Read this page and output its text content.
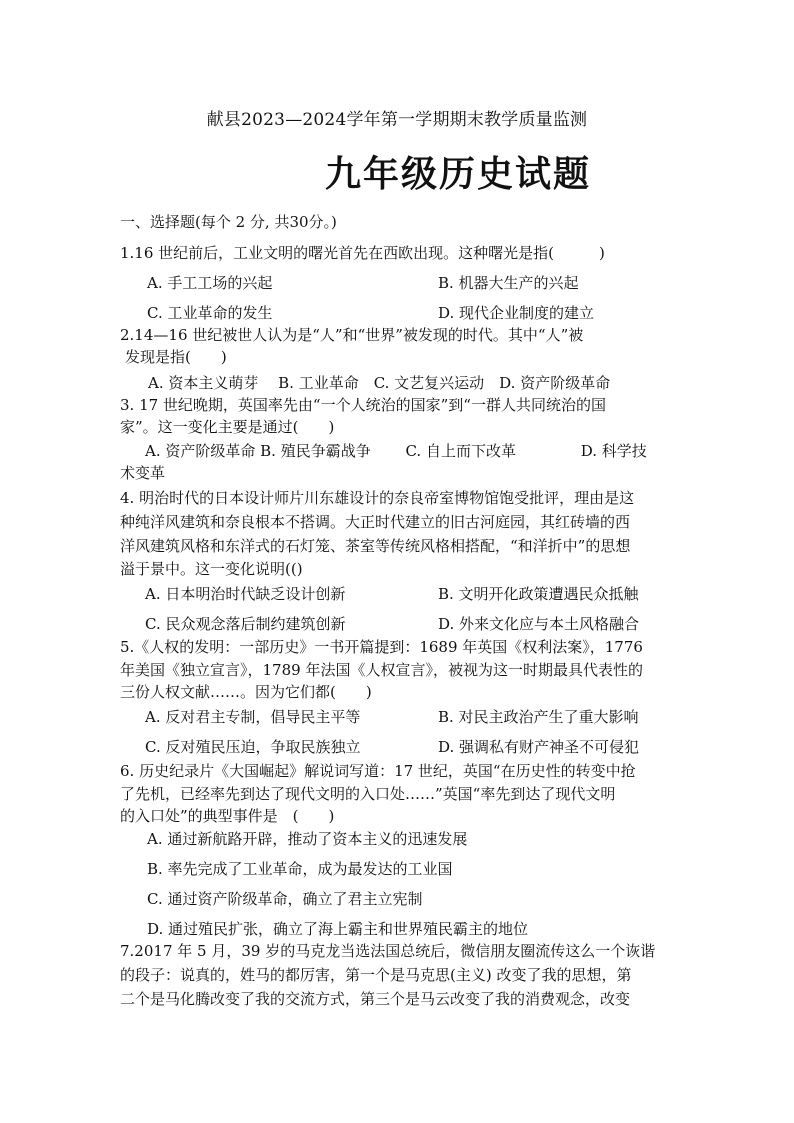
献县2023—2024学年第一学期期末教学质量监测
九年级历史试题
一、选择题(每个 2 分, 共30分。)
1.16 世纪前后，工业文明的曙光首先在西欧出现。这种曙光是指(　　　)
A. 手工工场的兴起	B. 机器大生产的兴起
C. 工业革命的发生	D. 现代企业制度的建立
2.14—16 世纪被世人认为是“人”和“世界”被发现的时代。其中“人”被
发现是指(　　)
A. 资本主义萌芽　 B. 工业革命　C. 文艺复兴运动　D. 资产阶级革命
3. 17 世纪晚期，英国率先由“一个人统治的国家”到“一群人共同统治的国
家”。这一变化主要是通过(　　)
A. 资产阶级革命 B. 殖民争霸战争　　 C. 自上而下改革　　　　 D. 科学技
术变革
4. 明治时代的日本设计师片川东雄设计的奈良帝室博物馆饱受批评，理由是这
种纯洋风建筑和奈良根本不搭调。大正时代建立的旧古河庭园，其红砖墙的西
洋风建筑风格和东洋式的石灯笼、茶室等传统风格相搭配，“和洋折中”的思想
溢于景中。这一变化说明(()
A. 日本明治时代缺乏设计创新	B. 文明开化政策遭遇民众抵触
C. 民众观念落后制约建筑创新	D. 外来文化应与本土风格融合
5.《人权的发明：一部历史》一书开篇提到：1689 年英国《权利法案》，1776
年美国《独立宣言》，1789 年法国《人权宣言》，被视为这一时期最具代表性的
三份人权文献……。因为它们都(　　)
A. 反对君主专制，倡导民主平等	B. 对民主政治产生了重大影响
C. 反对殖民压迫，争取民族独立	D. 强调私有财产神圣不可侵犯
6. 历史纪录片《大国崛起》解说词写道：17 世纪，英国“在历史性的转变中抢
了先机，已经率先到达了现代文明的入口处……”英国“率先到达了现代文明
的入口处”的典型事件是　(　　)
A. 通过新航路开辟，推动了资本主义的迅速发展
B. 率先完成了工业革命，成为最发达的工业国
C. 通过资产阶级革命，确立了君主立宪制
D. 通过殖民扩张，确立了海上霸主和世界殖民霸主的地位
7.2017 年 5 月，39 岁的马克龙当选法国总统后，微信朋友圈流传这么一个诙谐
的段子：说真的，姓马的都厉害，第一个是马克思(主义) 改变了我的思想，第
二个是马化腾改变了我的交流方式，第三个是马云改变了我的消费观念，改变
